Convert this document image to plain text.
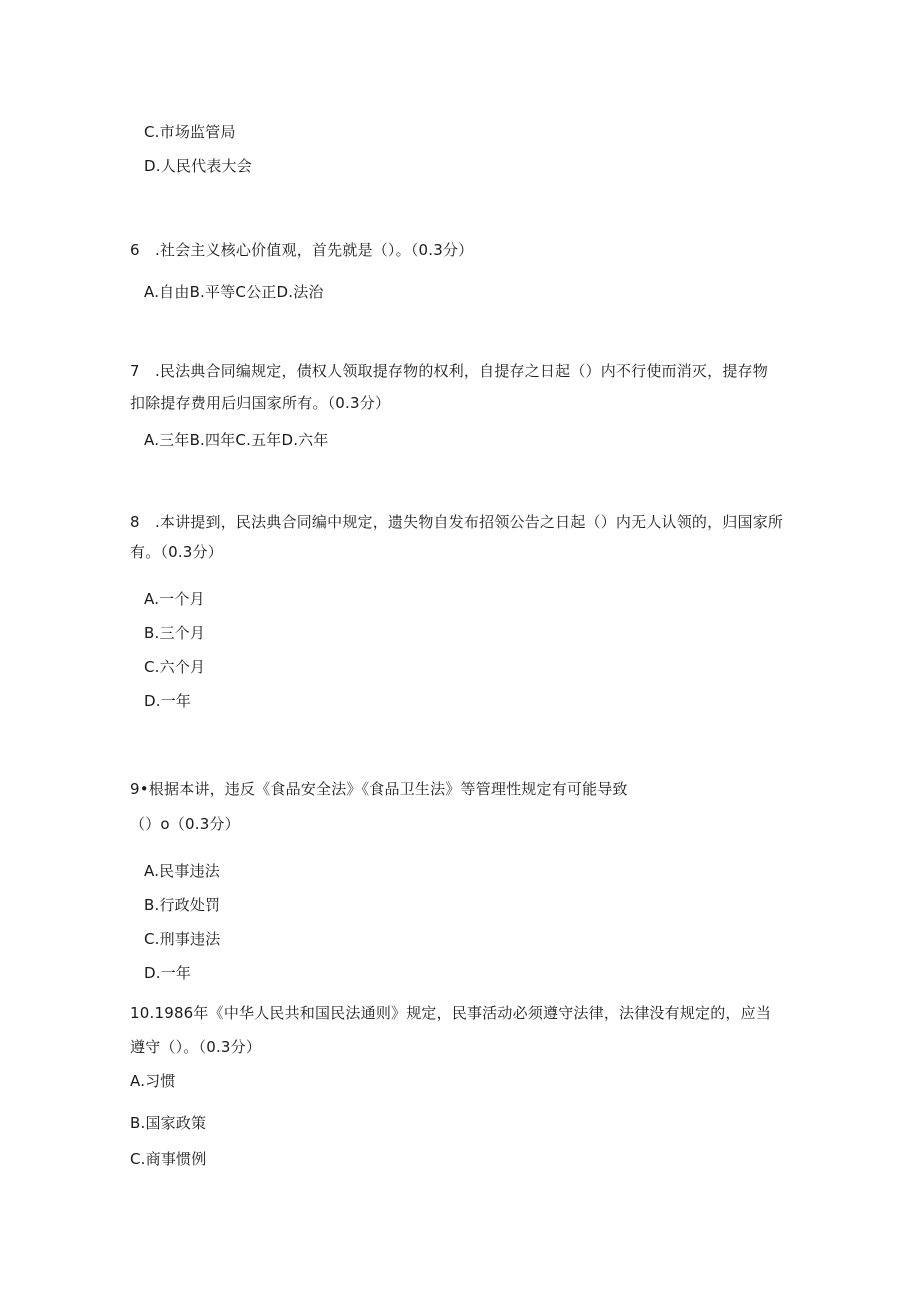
C.市场监管局
D.人民代表大会
6　.社会主义核心价值观，首先就是（）。（0.3分）
A.自由B.平等C公正D.法治
7　.民法典合同编规定，债权人领取提存物的权利，自提存之日起（）内不行使而消灭，提存物
扣除提存费用后归国家所有。（0.3分）
A.三年B.四年C.五年D.六年
8　.本讲提到，民法典合同编中规定，遗失物自发布招领公告之日起（）内无人认领的，归国家所
有。（0.3分）
A.一个月
B.三个月
C.六个月
D.一年
9•根据本讲，违反《食品安全法》《食品卫生法》等管理性规定有可能导致
（）o（0.3分）
A.民事违法
B.行政处罚
C.刑事违法
D.一年
10.1986年《中华人民共和国民法通则》规定，民事活动必须遵守法律，法律没有规定的，应当
遵守（）。（0.3分）
A.习惯
B.国家政策
C.商事惯例
